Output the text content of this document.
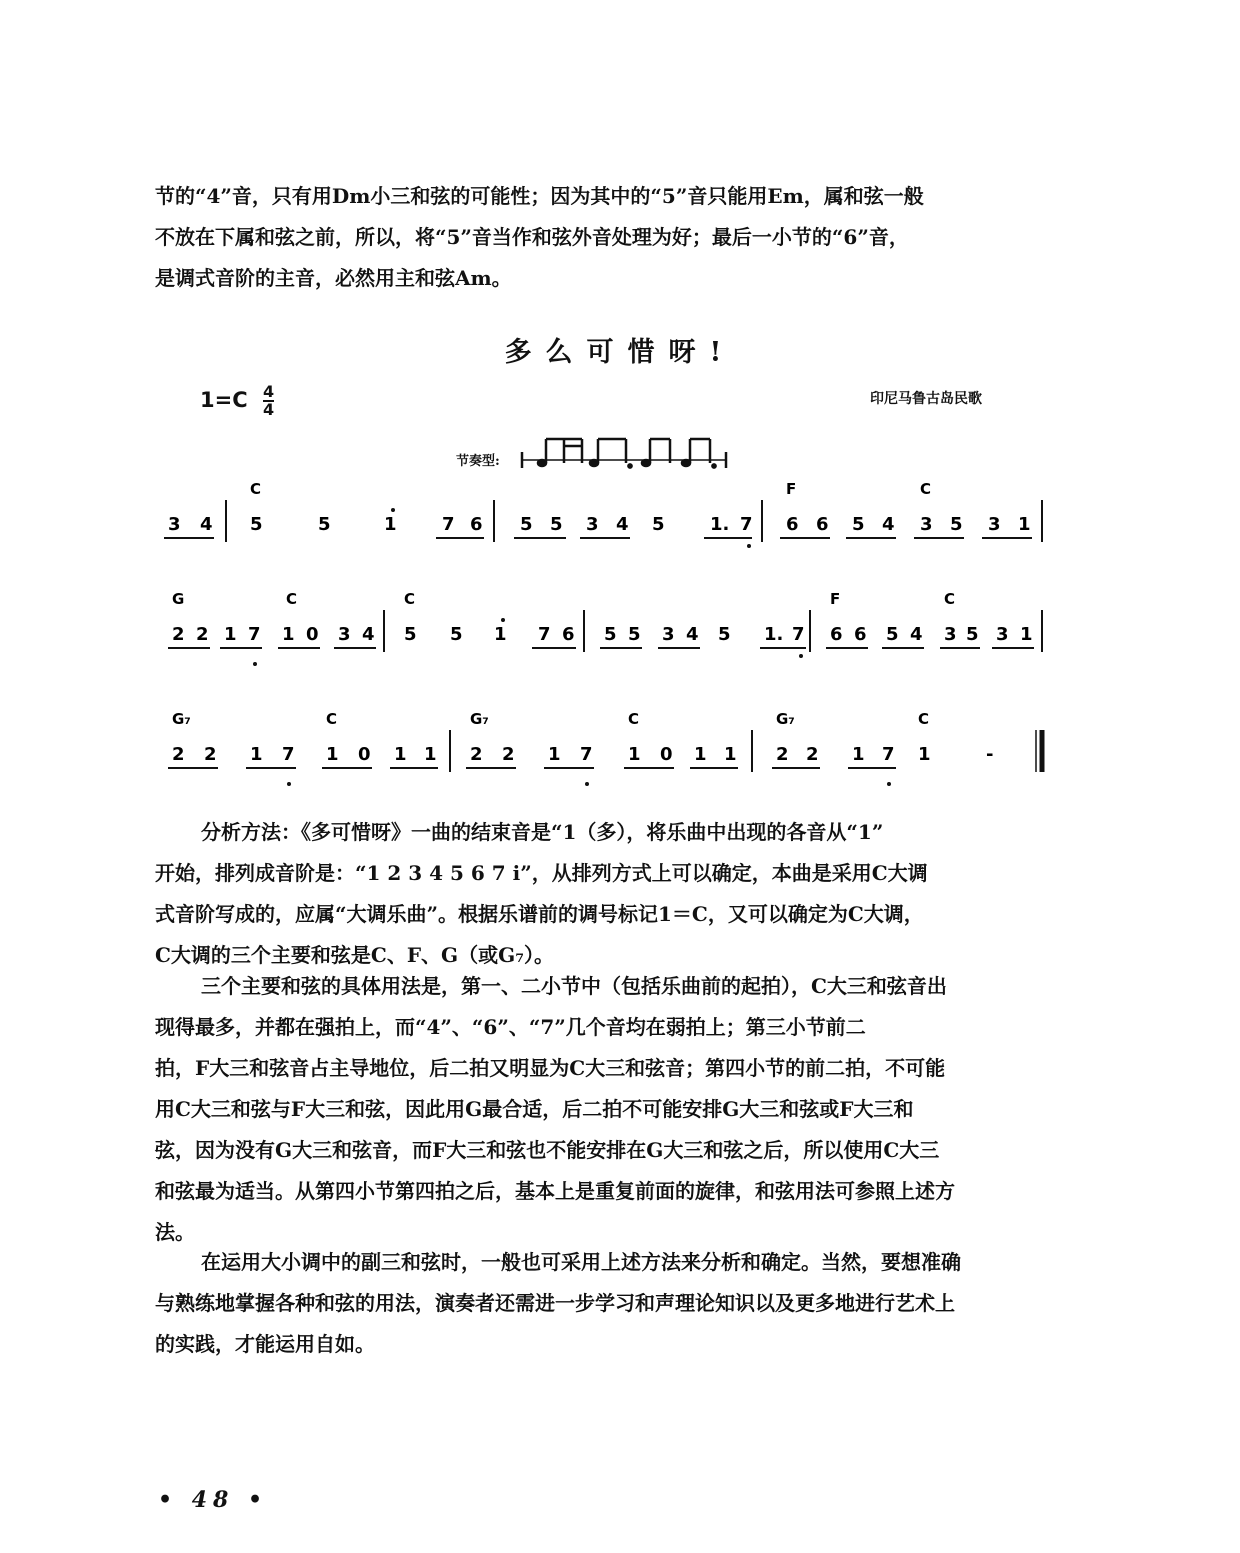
节的“4”音，只有用Dm小三和弦的可能性；因为其中的“5”音只能用Em，属和弦一般
不放在下属和弦之前，所以，将“5”音当作和弦外音处理为好；最后一小节的“6”音，
是调式音阶的主音，必然用主和弦Am。
多么可惜呀!
$1=C \frac{4}{4}$	印尼马鲁古岛民歌
节奏型:
C	F	C
3 4 5	5	1	7 6 5 5 3 4 5	1. 7 6 6 5 4 3 5 3 1
G	C	C	F	C
2 2 1 7 1 0 3 4 5 5 1 7 6 5 5 3 4 5 1. 7 6 6 5 4 3 5 3 1
G₇	C	G₇	C	G₇	C
2 2 1 7 1 0 1 1 2 2 1 7 1 0 1 1 2 2 1 7 1	-
分析方法：《多可惜呀》一曲的结束音是“1（多），将乐曲中出现的各音从“1”
开始，排列成音阶是：“1 2 3 4 5 6 7 i”，从排列方式上可以确定，本曲是采用C大调
式音阶写成的，应属“大调乐曲”。根据乐谱前的调号标记1＝C，又可以确定为C大调，
C大调的三个主要和弦是C、F、G（或G₇）。
三个主要和弦的具体用法是，第一、二小节中（包括乐曲前的起拍），C大三和弦音出
现得最多，并都在强拍上，而“4”、“6”、“7”几个音均在弱拍上；第三小节前二
拍，F大三和弦音占主导地位，后二拍又明显为C大三和弦音；第四小节的前二拍，不可能
用C大三和弦与F大三和弦，因此用G最合适，后二拍不可能安排G大三和弦或F大三和
弦，因为没有G大三和弦音，而F大三和弦也不能安排在G大三和弦之后，所以使用C大三
和弦最为适当。从第四小节第四拍之后，基本上是重复前面的旋律，和弦用法可参照上述方
法。
在运用大小调中的副三和弦时，一般也可采用上述方法来分析和确定。当然，要想准确
与熟练地掌握各种和弦的用法，演奏者还需进一步学习和声理论知识以及更多地进行艺术上
的实践，才能运用自如。
• 48 •
